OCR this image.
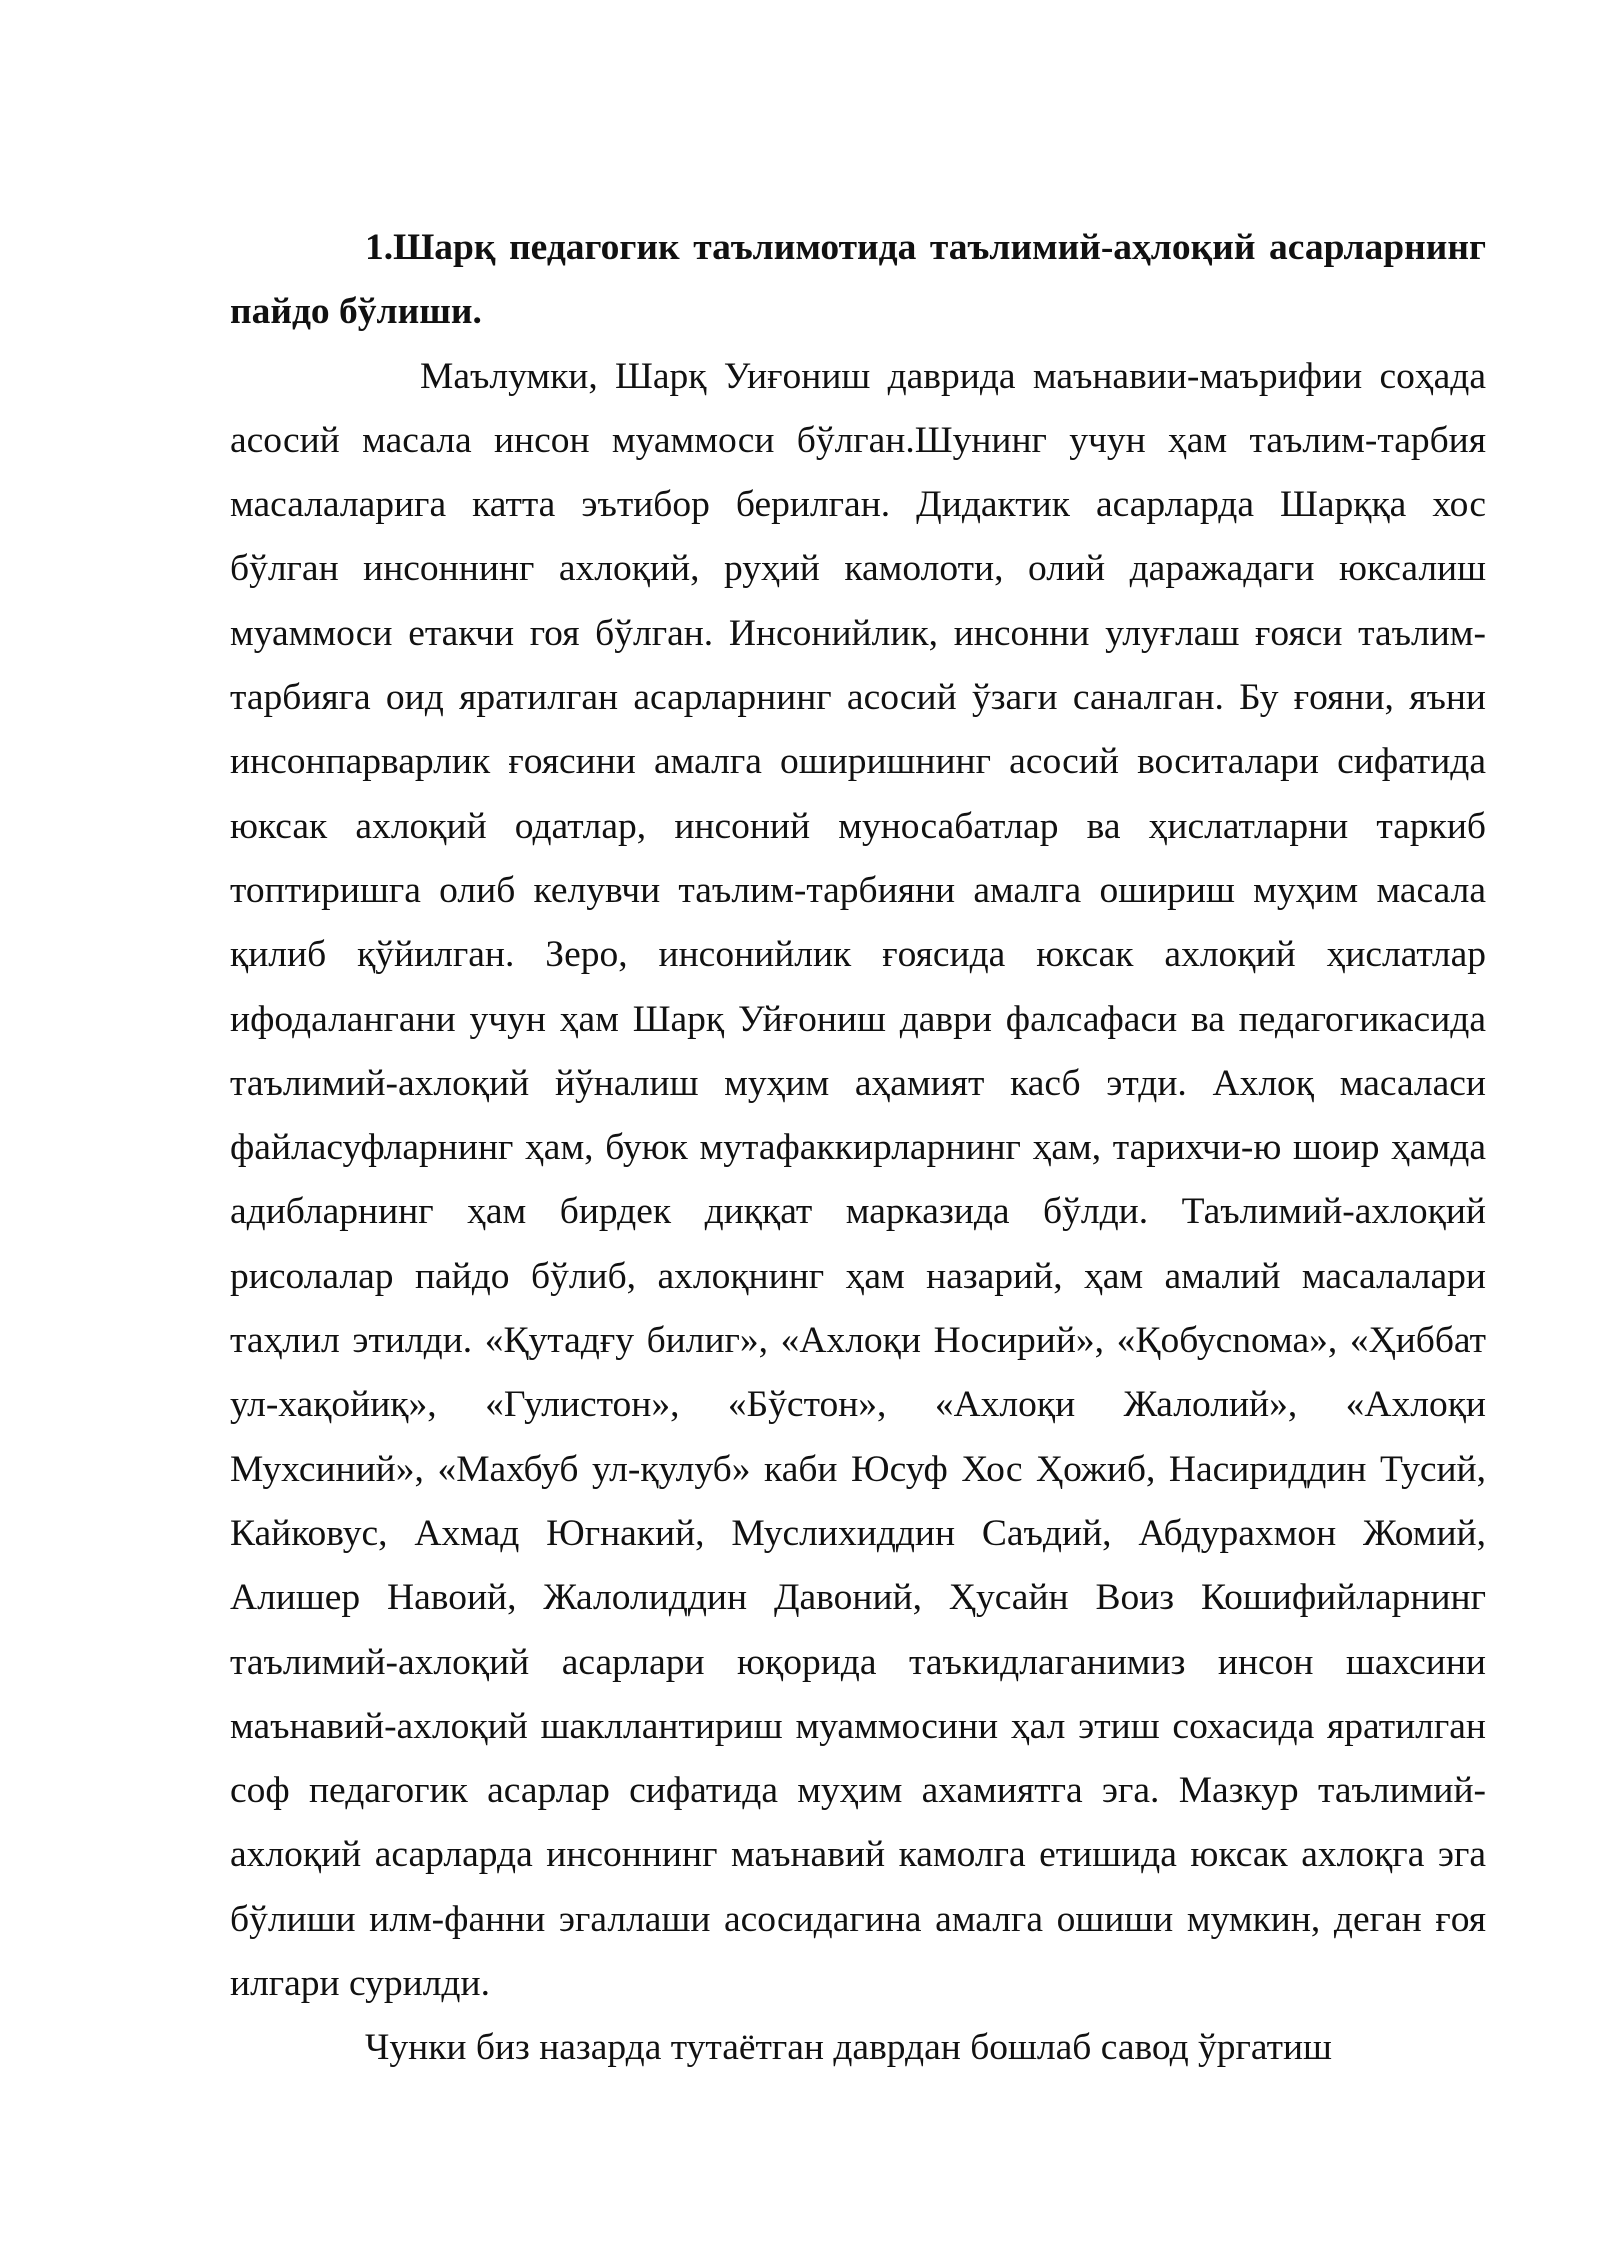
1.Шарқ педагогик таълимотида таълимий-аҳлоқий асарларнинг пайдо бўлиши.

Маълумки, Шарқ Уиғониш даврида маънавии-маърифии соҳада асосий масала инсон муаммоси бўлган.Шунинг учун ҳам таълим-тарбия масалаларига катта эътибор берилган. Дидактик асарларда Шарққа хос бўлган инсоннинг ахлоқий, руҳий камолоти, олий даражадаги юксалиш муаммоси етакчи гоя бўлган. Инсонийлик, инсонни улуғлаш ғояси таълим-тарбияга оид яратилган асарларнинг асосий ўзаги саналган. Бу ғояни, яъни инсонпарварлик ғоясини амалга оширишнинг асосий воситалари сифатида юксак ахлоқий одатлар, инсоний муносабатлар ва ҳислатларни таркиб топтиришга олиб келувчи таълим-тарбияни амалга ошириш муҳим масала қилиб қўйилган. Зеро, инсонийлик ғоясида юксак ахлоқий ҳислатлар ифодалангани учун ҳам Шарқ Уйғониш даври фалсафаси ва педагогикасида таълимий-ахлоқий йўналиш муҳим аҳамият касб этди. Ахлоқ масаласи файласуфларнинг ҳам, буюк мутафаккирларнинг ҳам, тарихчи-ю шоир ҳамда адибларнинг ҳам бирдек диққат марказида бўлди. Таълимий-ахлоқий рисолалар пайдо бўлиб, ахлоқнинг ҳам назарий, ҳам амалий масалалари таҳлил этилди. «Қутадғу билиг», «Ахлоқи Носирий», «Қобусnома», «Ҳиббат ул-хақойиқ», «Гулистон», «Бўстон», «Ахлоқи Жалолий», «Ахлоқи Мухсиний», «Махбуб ул-қулуб» каби Юсуф Хос Ҳожиб, Насириддин Тусий, Кайковус, Ахмад Югнакий, Муслихиддин Саъдий, Абдурахмон Жомий, Алишер Навоий, Жалолиддин Давоний, Ҳусайн Воиз Кошифийларнинг таълимий-ахлоқий асарлари юқорида таъкидлаганимиз инсон шахсини маънавий-ахлоқий шакллантириш муаммосини ҳал этиш сохасида яратилган соф педагогик асарлар сифатида муҳим ахамиятга эга. Мазкур таълимий-ахлоқий асарларда инсоннинг маънавий камолга етишида юксак ахлоқга эга бўлиши илм-фанни эгаллаши асосидагина амалга ошиши мумкин, деган ғоя илгари сурилди.

Чунки биз назарда тутаётган даврдан бошлаб савод ўргатиш
